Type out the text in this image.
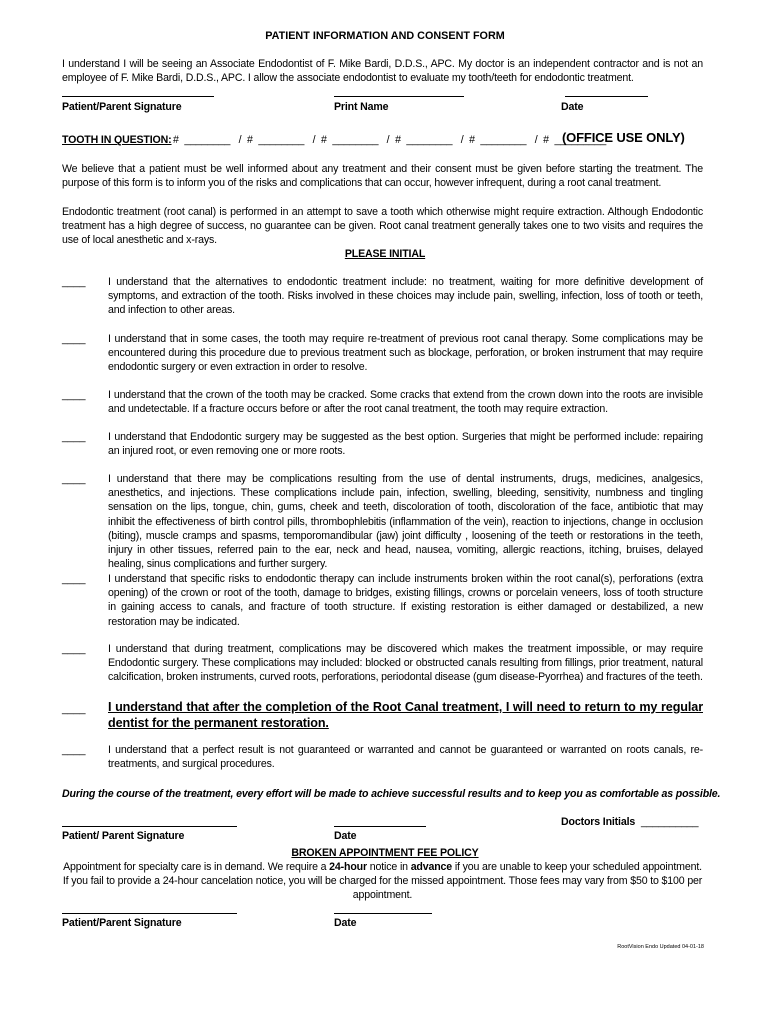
PATIENT INFORMATION AND CONSENT FORM
I understand I will be seeing an Associate Endodontist of F. Mike Bardi, D.D.S., APC. My doctor is an independent contractor and is not an employee of F. Mike Bardi, D.D.S., APC. I allow the associate endodontist to evaluate my tooth/teeth for endodontic treatment.
Patient/Parent Signature	Print Name	Date
TOOTH IN QUESTION: #  ________   /  #  ________   /  #  ________   /  #  ________   /  #  ________   /  #  _________
(OFFICE USE ONLY)
We believe that a patient must be well informed about any treatment and their consent must be given before starting the treatment. The purpose of this form is to inform you of the risks and complications that can occur, however infrequent, during a root canal treatment.
Endodontic treatment (root canal) is performed in an attempt to save a tooth which otherwise might require extraction. Although Endodontic treatment has a high degree of success, no guarantee can be given. Root canal treatment generally takes one to two visits and requires the use of local anesthetic and x-rays.
PLEASE INITIAL
____ I understand that the alternatives to endodontic treatment include: no treatment, waiting for more definitive development of symptoms, and extraction of the tooth. Risks involved in these choices may include pain, swelling, infection, loss of tooth or teeth, and infection to other areas.
____ I understand that in some cases, the tooth may require re-treatment of previous root canal therapy. Some complications may be encountered during this procedure due to previous treatment such as blockage, perforation, or broken instrument that may require endodontic surgery or even extraction in order to resolve.
____ I understand that the crown of the tooth may be cracked. Some cracks that extend from the crown down into the roots are invisible and undetectable. If a fracture occurs before or after the root canal treatment, the tooth may require extraction.
____ I understand that Endodontic surgery may be suggested as the best option. Surgeries that might be performed include: repairing an injured root, or even removing one or more roots.
____ I understand that there may be complications resulting from the use of dental instruments, drugs, medicines, analgesics, anesthetics, and injections. These complications include pain, infection, swelling, bleeding, sensitivity, numbness and tingling sensation on the lips, tongue, chin, gums, cheek and teeth, discoloration of tooth, discoloration of the face, antibiotic that may inhibit the effectiveness of birth control pills, thrombophlebitis (inflammation of the vein), reaction to injections, change in occlusion (biting), muscle cramps and spasms, temporomandibular (jaw) joint difficulty , loosening of the teeth or restorations in the teeth, injury in other tissues, referred pain to the ear, neck and head, nausea, vomiting, allergic reactions, itching, bruises, delayed healing, sinus complications and further surgery.
____ I understand that specific risks to endodontic therapy can include instruments broken within the root canal(s), perforations (extra opening) of the crown or root of the tooth, damage to bridges, existing fillings, crowns or porcelain veneers, loss of tooth structure in gaining access to canals, and fracture of tooth structure. If existing restoration is either damaged or destabilized, a new restoration may be indicated.
____ I understand that during treatment, complications may be discovered which makes the treatment impossible, or may require Endodontic surgery. These complications may included: blocked or obstructed canals resulting from fillings, prior treatment, natural calcification, broken instruments, curved roots, perforations, periodontal disease (gum disease-Pyorrhea) and fractures of the teeth.
____ I understand that after the completion of the Root Canal treatment, I will need to return to my regular dentist for the permanent restoration.
____ I understand that a perfect result is not guaranteed or warranted and cannot be guaranteed or warranted on roots canals, re-treatments, and surgical procedures.
During the course of the treatment, every effort will be made to achieve successful results and to keep you as comfortable as possible.
Doctors Initials __________
Patient/ Parent Signature	Date
BROKEN APPOINTMENT FEE POLICY
Appointment for specialty care is in demand. We require a 24-hour notice in advance if you are unable to keep your scheduled appointment. If you fail to provide a 24-hour cancelation notice, you will be charged for the missed appointment. Those fees may vary from $50 to $100 per appointment.
Patient/Parent Signature	Date
RootVision Endo Updated 04-01-18
